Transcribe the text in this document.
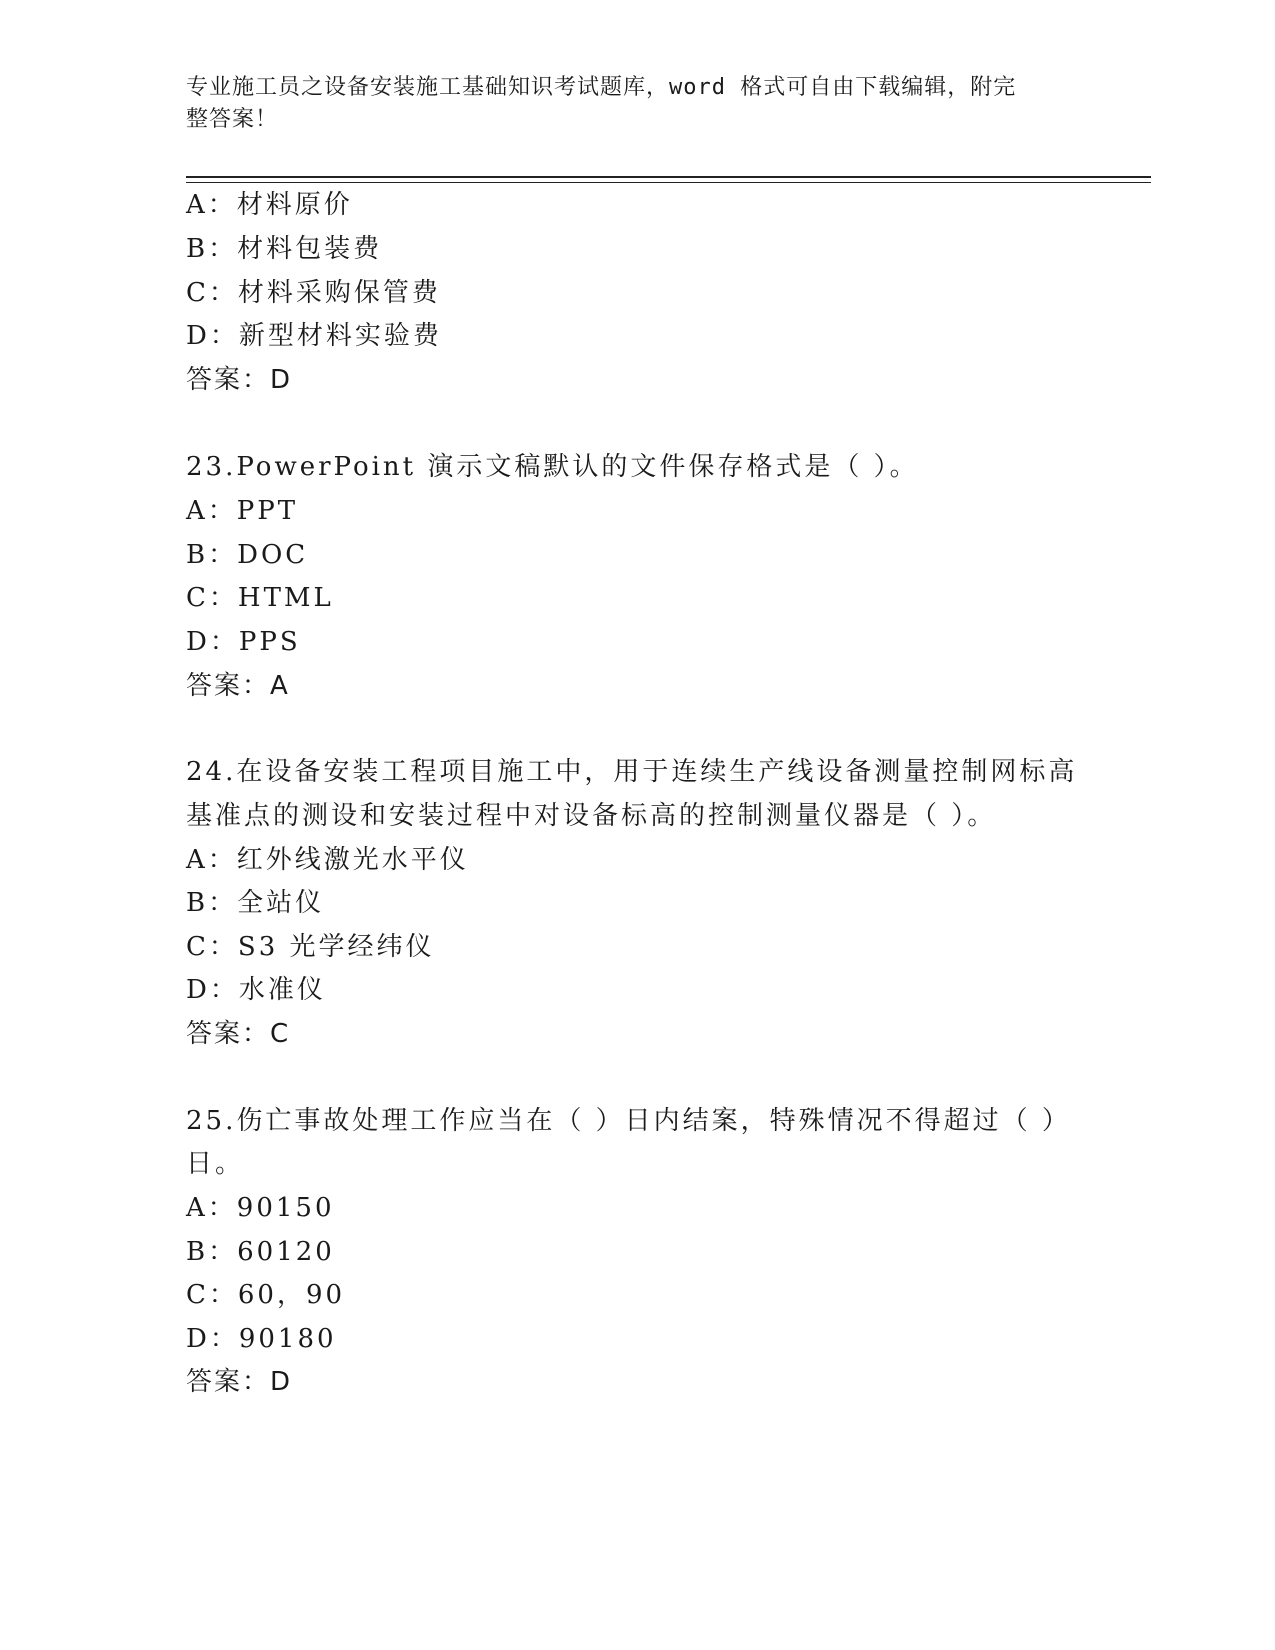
专业施工员之设备安装施工基础知识考试题库，word 格式可自由下载编辑，附完
整答案！
A：材料原价
B：材料包装费
C：材料采购保管费
D：新型材料实验费
答案：D
23.PowerPoint 演示文稿默认的文件保存格式是（ ）。
A：PPT
B：DOC
C：HTML
D：PPS
答案：A
24.在设备安装工程项目施工中，用于连续生产线设备测量控制网标高
基准点的测设和安装过程中对设备标高的控制测量仪器是（ ）。
A：红外线激光水平仪
B：全站仪
C：S3 光学经纬仪
D：水准仪
答案：C
25.伤亡事故处理工作应当在（ ）日内结案，特殊情况不得超过（ ）
日。
A：90150
B：60120
C：60，90
D：90180
答案：D
